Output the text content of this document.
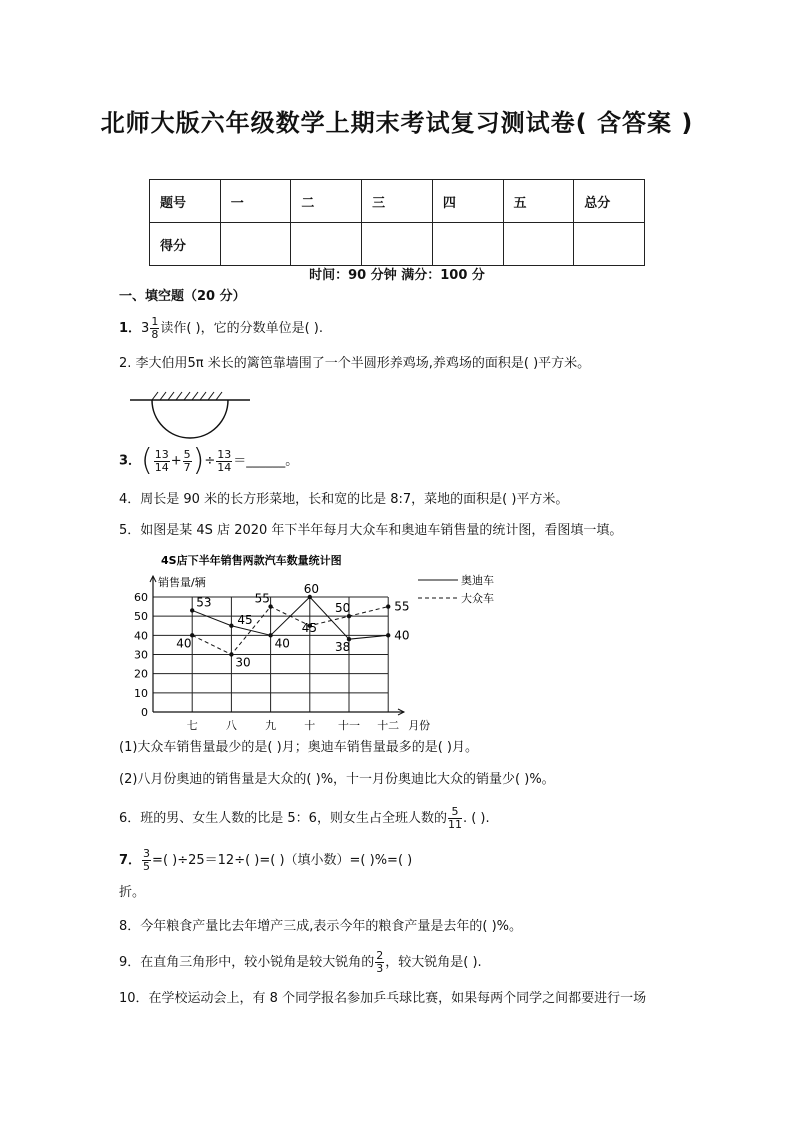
北师大版六年级数学上期末考试复习测试卷( 含答案 )
题号	一	二	三	四	五	总分
得分						
时间：90 分钟 满分：100 分
一、填空题（20 分）
1．$3 \frac{1}{8}$ 读作( )，它的分数单位是( ).
2. 李大伯用5π 米长的篱笆靠墙围了一个半圆形养鸡场,养鸡场的面积是( )平方米。
3．( $\frac{13}{14} + \frac{5}{7}$ )÷ $\frac{13}{14}$ ＝______。
4．周长是 90 米的长方形菜地，长和宽的比是 8:7，菜地的面积是( )平方米。
5．如图是某 4S 店 2020 年下半年每月大众车和奥迪车销售量的统计图，看图填一填。
4S店下半年销售两款汽车数量统计图
销售量/辆
0
10
20
30
40
50
60
七	八	九	十 十一 十二 月份
53
45
40
60
38
40
奥迪车
40
30
55
45
50	55
大众车
(1)大众车销售量最少的是( )月；奥迪车销售量最多的是( )月。
(2)八月份奥迪的销售量是大众的( )%，十一月份奥迪比大众的销量少( )%。
6．班的男、女生人数的比是 5：6，则女生占全班人数的 $\frac{5}{11}$ . ( ).
7． $\frac{3}{5}$ =( )÷25＝12÷( )=( )（填小数）=( )%=( )
折。
8．今年粮食产量比去年增产三成,表示今年的粮食产量是去年的( )%。
9．在直角三角形中，较小锐角是较大锐角的 $\frac{2}{3}$ ，较大锐角是( ).
10．在学校运动会上，有 8 个同学报名参加乒乓球比赛，如果每两个同学之间都要进行一场
